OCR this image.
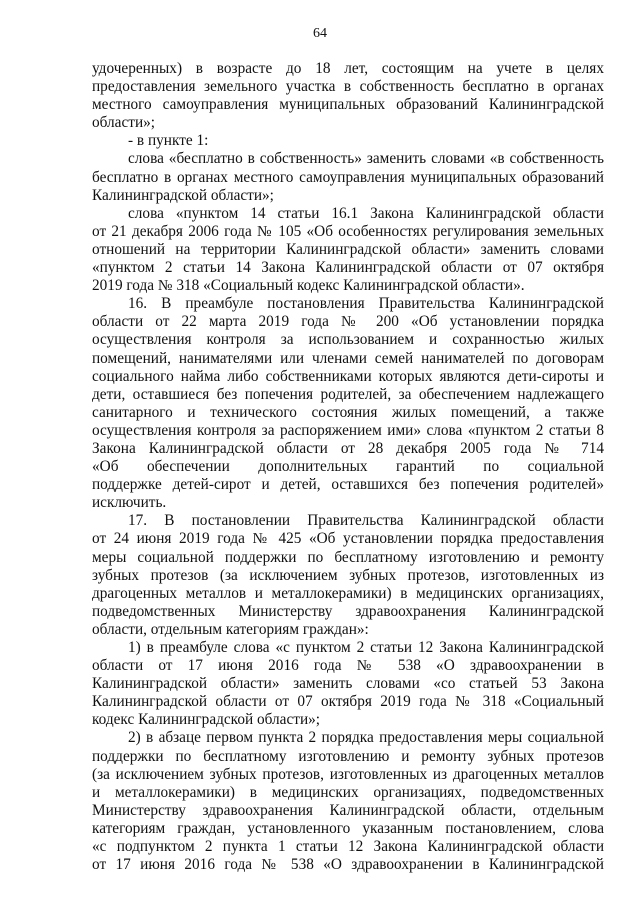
64
удочеренных) в возрасте до 18 лет, состоящим на учете в целях
предоставления земельного участка в собственность бесплатно в органах
местного самоуправления муниципальных образований Калининградской
области»;
- в пункте 1:
слова «бесплатно в собственность» заменить словами «в собственность
бесплатно в органах местного самоуправления муниципальных образований
Калининградской области»;
слова «пунктом 14 статьи 16.1 Закона Калининградской области
от 21 декабря 2006 года № 105 «Об особенностях регулирования земельных
отношений на территории Калининградской области» заменить словами
«пунктом 2 статьи 14 Закона Калининградской области от 07 октября
2019 года № 318 «Социальный кодекс Калининградской области».
16. В преамбуле постановления Правительства Калининградской
области от 22 марта 2019 года № 200 «Об установлении порядка
осуществления контроля за использованием и сохранностью жилых
помещений, нанимателями или членами семей нанимателей по договорам
социального найма либо собственниками которых являются дети-сироты и
дети, оставшиеся без попечения родителей, за обеспечением надлежащего
санитарного и технического состояния жилых помещений, а также
осуществления контроля за распоряжением ими» слова «пунктом 2 статьи 8
Закона Калининградской области от 28 декабря 2005 года № 714
«Об обеспечении дополнительных гарантий по социальной
поддержке детей-сирот и детей, оставшихся без попечения родителей»
исключить.
17. В постановлении Правительства Калининградской области
от 24 июня 2019 года № 425 «Об установлении порядка предоставления
меры социальной поддержки по бесплатному изготовлению и ремонту
зубных протезов (за исключением зубных протезов, изготовленных из
драгоценных металлов и металлокерамики) в медицинских организациях,
подведомственных Министерству здравоохранения Калининградской
области, отдельным категориям граждан»:
1) в преамбуле слова «с пунктом 2 статьи 12 Закона Калининградской
области от 17 июня 2016 года № 538 «О здравоохранении в
Калининградской области» заменить словами «со статьей 53 Закона
Калининградской области от 07 октября 2019 года № 318 «Социальный
кодекс Калининградской области»;
2) в абзаце первом пункта 2 порядка предоставления меры социальной
поддержки по бесплатному изготовлению и ремонту зубных протезов
(за исключением зубных протезов, изготовленных из драгоценных металлов
и металлокерамики) в медицинских организациях, подведомственных
Министерству здравоохранения Калининградской области, отдельным
категориям граждан, установленного указанным постановлением, слова
«с подпунктом 2 пункта 1 статьи 12 Закона Калининградской области
от 17 июня 2016 года № 538 «О здравоохранении в Калининградской
